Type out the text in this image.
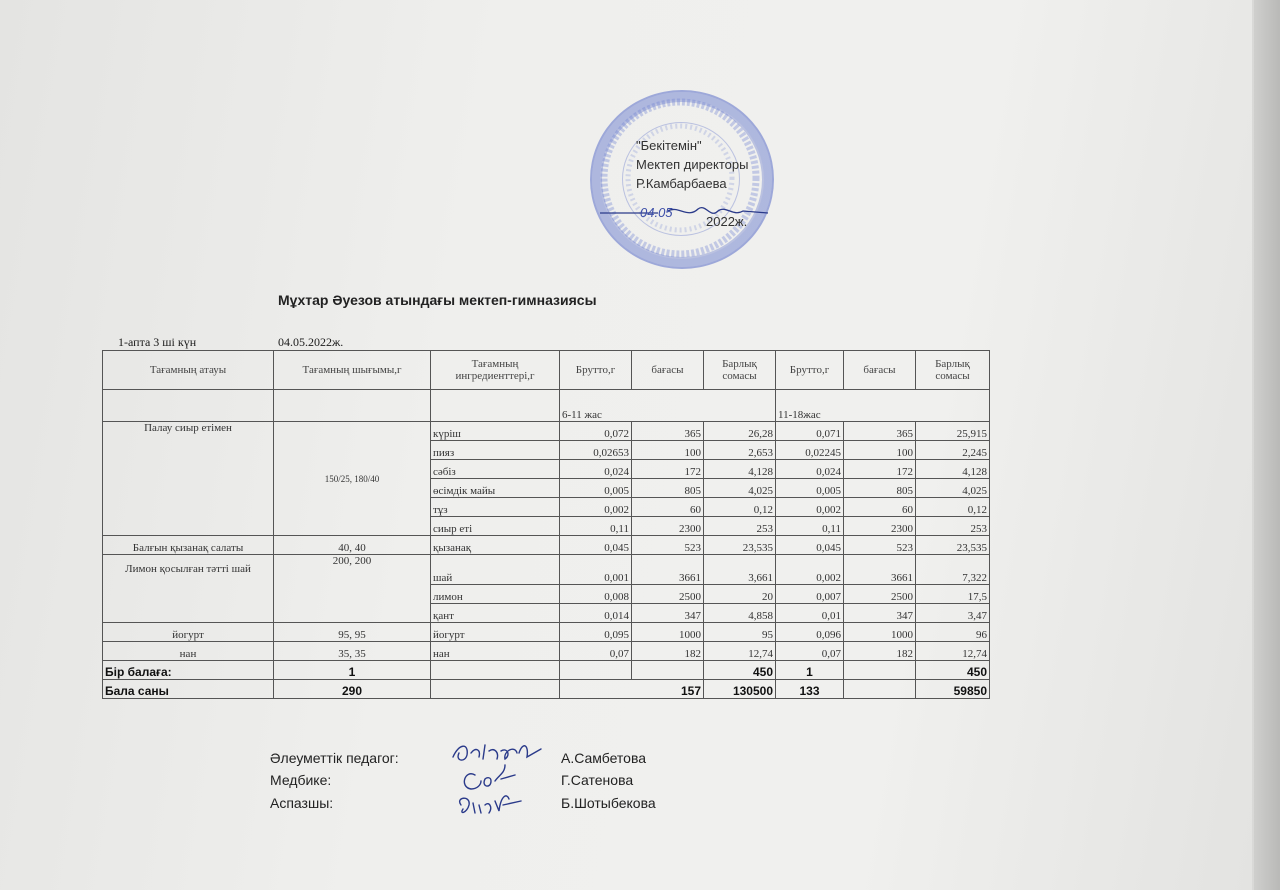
"Бекітемін"
Мектеп директоры
Р.Камбарбаева
04.05
2022ж.
Мұхтар Әуезов атындағы мектеп-гимназиясы
1-апта 3 ші күн	04.05.2022ж.
Тағамның атауы	Тағамның шығымы,г	Тағамның ингредиенттері,г	Брутто,г	бағасы	Барлық сомасы	Брутто,г	бағасы	Барлық сомасы
			6-11 жас			11-18жас		
Палау сиыр етімен	150/25, 180/40	күріш	0,072	365	26,28	0,071	365	25,915
		пияз	0,02653	100	2,653	0,02245	100	2,245
		сәбіз	0,024	172	4,128	0,024	172	4,128
		өсімдік майы	0,005	805	4,025	0,005	805	4,025
		тұз	0,002	60	0,12	0,002	60	0,12
		сиыр еті	0,11	2300	253	0,11	2300	253
Балғын қызанақ салаты	40, 40	қызанақ	0,045	523	23,535	0,045	523	23,535
Лимон қосылған тәтті шай	200, 200	шай	0,001	3661	3,661	0,002	3661	7,322
		лимон	0,008	2500	20	0,007	2500	17,5
		қант	0,014	347	4,858	0,01	347	3,47
йогурт	95, 95	йогурт	0,095	1000	95	0,096	1000	96
нан	35, 35	нан	0,07	182	12,74	0,07	182	12,74
Бір балаға:	1				450	1		450
Бала саны	290		157		130500	133		59850
Әлеуметтік педагог:
Медбике:
Аспазшы:
А.Самбетова
Г.Сатенова
Б.Шотыбекова
